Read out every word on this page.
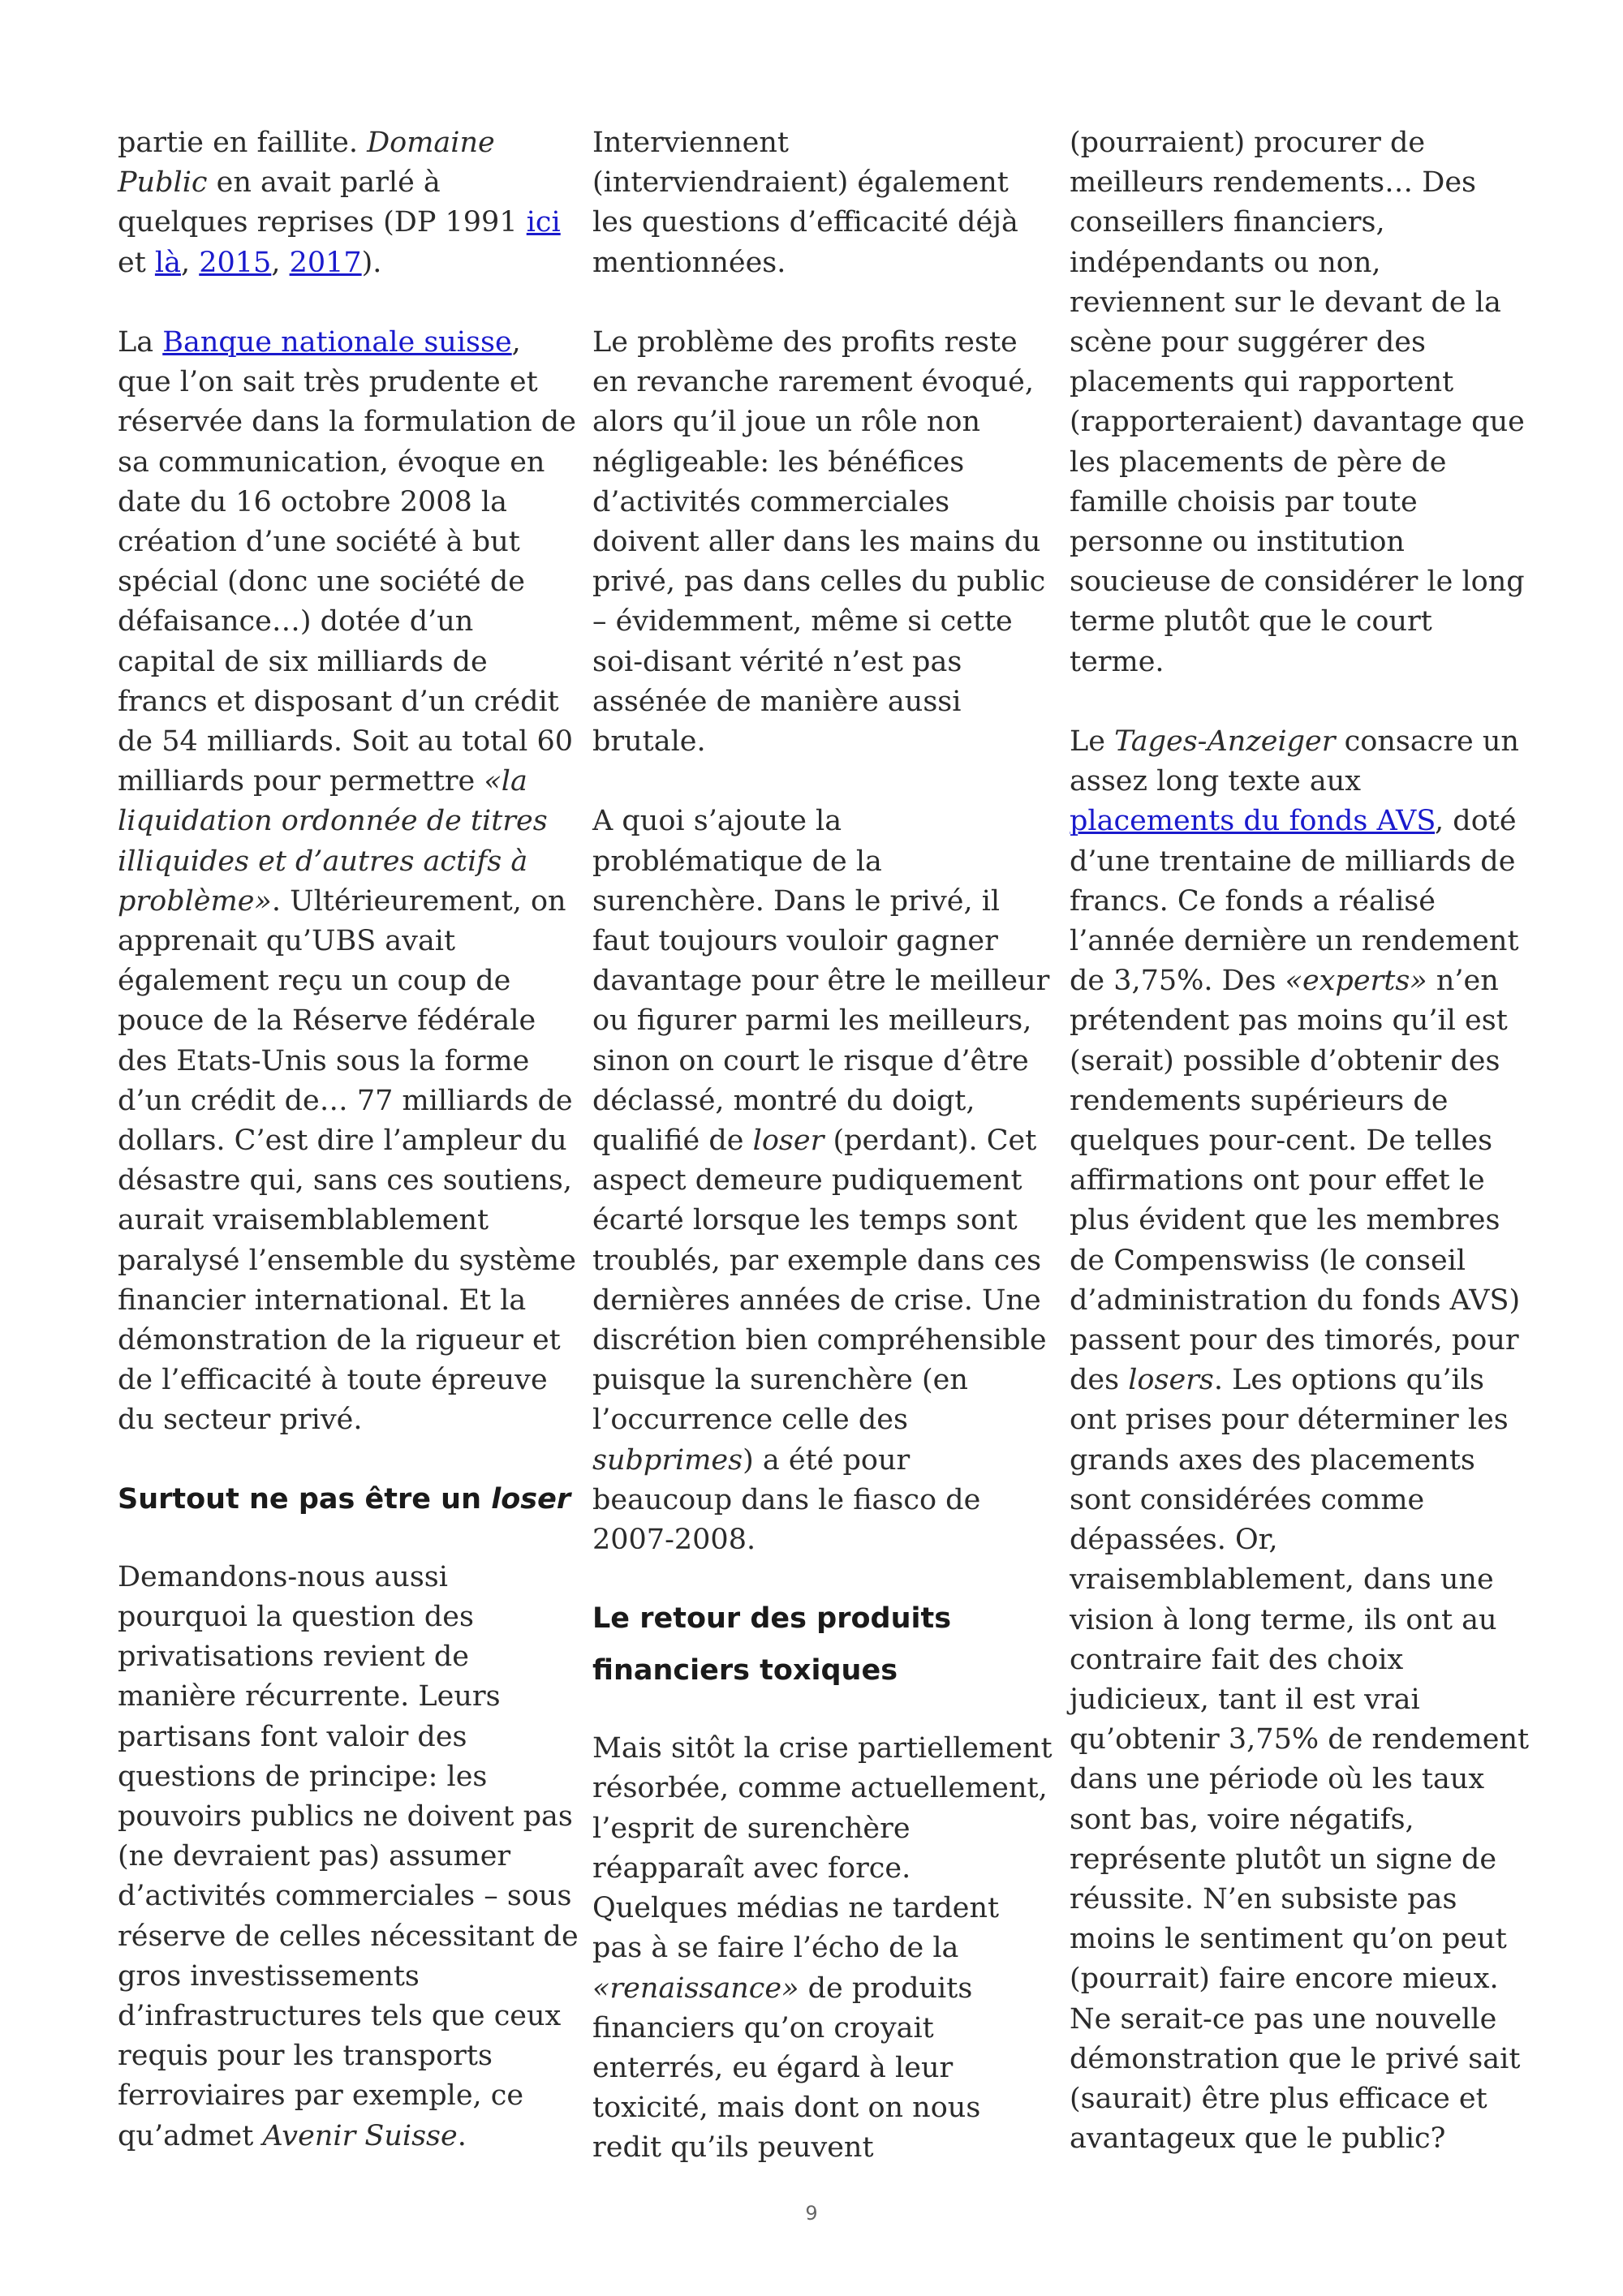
partie en faillite. Domaine
Public en avait parlé à
quelques reprises (DP 1991 ici
et là, 2015, 2017).
La Banque nationale suisse,
que l’on sait très prudente et
réservée dans la formulation de
sa communication, évoque en
date du 16 octobre 2008 la
création d’une société à but
spécial (donc une société de
défaisance…) dotée d’un
capital de six milliards de
francs et disposant d’un crédit
de 54 milliards. Soit au total 60
milliards pour permettre «la
liquidation ordonnée de titres
illiquides et d’autres actifs à
problème». Ultérieurement, on
apprenait qu’UBS avait
également reçu un coup de
pouce de la Réserve fédérale
des Etats-Unis sous la forme
d’un crédit de… 77 milliards de
dollars. C’est dire l’ampleur du
désastre qui, sans ces soutiens,
aurait vraisemblablement
paralysé l’ensemble du système
financier international. Et la
démonstration de la rigueur et
de l’efficacité à toute épreuve
du secteur privé.
Surtout ne pas être un loser
Demandons-nous aussi
pourquoi la question des
privatisations revient de
manière récurrente. Leurs
partisans font valoir des
questions de principe: les
pouvoirs publics ne doivent pas
(ne devraient pas) assumer
d’activités commerciales – sous
réserve de celles nécessitant de
gros investissements
d’infrastructures tels que ceux
requis pour les transports
ferroviaires par exemple, ce
qu’admet Avenir Suisse.
Interviennent
(interviendraient) également
les questions d’efficacité déjà
mentionnées.
Le problème des profits reste
en revanche rarement évoqué,
alors qu’il joue un rôle non
négligeable: les bénéfices
d’activités commerciales
doivent aller dans les mains du
privé, pas dans celles du public
– évidemment, même si cette
soi-disant vérité n’est pas
assénée de manière aussi
brutale.
A quoi s’ajoute la
problématique de la
surenchère. Dans le privé, il
faut toujours vouloir gagner
davantage pour être le meilleur
ou figurer parmi les meilleurs,
sinon on court le risque d’être
déclassé, montré du doigt,
qualifié de loser (perdant). Cet
aspect demeure pudiquement
écarté lorsque les temps sont
troublés, par exemple dans ces
dernières années de crise. Une
discrétion bien compréhensible
puisque la surenchère (en
l’occurrence celle des
subprimes) a été pour
beaucoup dans le fiasco de
2007-2008.
Le retour des produits
financiers toxiques
Mais sitôt la crise partiellement
résorbée, comme actuellement,
l’esprit de surenchère
réapparaît avec force.
Quelques médias ne tardent
pas à se faire l’écho de la
«renaissance» de produits
financiers qu’on croyait
enterrés, eu égard à leur
toxicité, mais dont on nous
redit qu’ils peuvent
(pourraient) procurer de
meilleurs rendements… Des
conseillers financiers,
indépendants ou non,
reviennent sur le devant de la
scène pour suggérer des
placements qui rapportent
(rapporteraient) davantage que
les placements de père de
famille choisis par toute
personne ou institution
soucieuse de considérer le long
terme plutôt que le court
terme.
Le Tages-Anzeiger consacre un
assez long texte aux
placements du fonds AVS, doté
d’une trentaine de milliards de
francs. Ce fonds a réalisé
l’année dernière un rendement
de 3,75%. Des «experts» n’en
prétendent pas moins qu’il est
(serait) possible d’obtenir des
rendements supérieurs de
quelques pour-cent. De telles
affirmations ont pour effet le
plus évident que les membres
de Compenswiss (le conseil
d’administration du fonds AVS)
passent pour des timorés, pour
des losers. Les options qu’ils
ont prises pour déterminer les
grands axes des placements
sont considérées comme
dépassées. Or,
vraisemblablement, dans une
vision à long terme, ils ont au
contraire fait des choix
judicieux, tant il est vrai
qu’obtenir 3,75% de rendement
dans une période où les taux
sont bas, voire négatifs,
représente plutôt un signe de
réussite. N’en subsiste pas
moins le sentiment qu’on peut
(pourrait) faire encore mieux.
Ne serait-ce pas une nouvelle
démonstration que le privé sait
(saurait) être plus efficace et
avantageux que le public?
9
